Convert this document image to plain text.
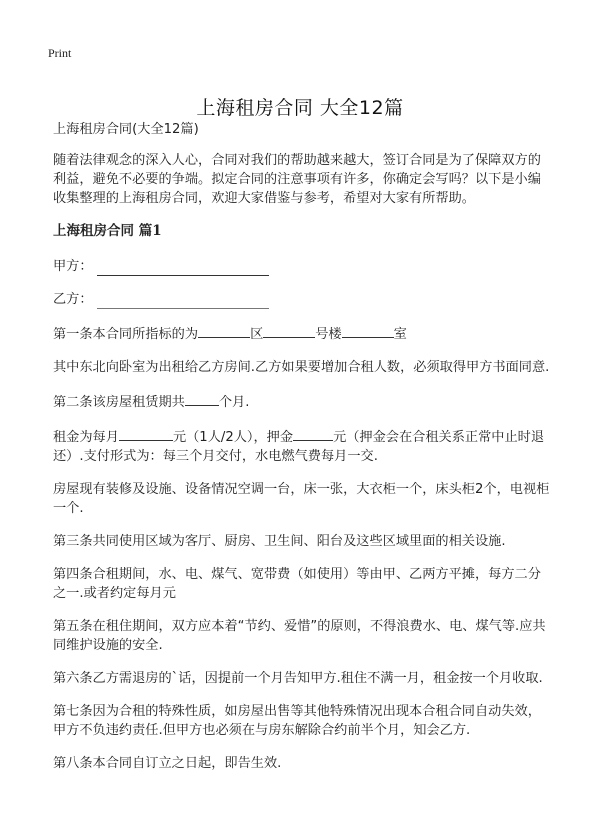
Print
上海租房合同 大全12篇
上海租房合同(大全12篇)
随着法律观念的深入人心，合同对我们的帮助越来越大，签订合同是为了保障双方的利益，避免不必要的争端。拟定合同的注意事项有许多，你确定会写吗？以下是小编收集整理的上海租房合同，欢迎大家借鉴与参考，希望对大家有所帮助。
上海租房合同 篇1
甲方：
乙方：
第一条本合同所指标的为	区	号楼	室
其中东北向卧室为出租给乙方房间.乙方如果要增加合租人数，必须取得甲方书面同意.
第二条该房屋租赁期共	个月.
租金为每月	元（1人/2人），押金	元（押金会在合租关系正常中止时退还）.支付形式为：每三个月交付，水电燃气费每月一交.
房屋现有装修及设施、设备情况空调一台，床一张，大衣柜一个，床头柜2个，电视柜一个.
第三条共同使用区域为客厅、厨房、卫生间、阳台及这些区域里面的相关设施.
第四条合租期间，水、电、煤气、宽带费（如使用）等由甲、乙两方平摊，每方二分之一.或者约定每月元
第五条在租住期间，双方应本着“节约、爱惜”的原则，不得浪费水、电、煤气等.应共同维护设施的安全.
第六条乙方需退房的`话，因提前一个月告知甲方.租住不满一月，租金按一个月收取.
第七条因为合租的特殊性质，如房屋出售等其他特殊情况出现本合租合同自动失效，甲方不负违约责任.但甲方也必须在与房东解除合约前半个月，知会乙方.
第八条本合同自订立之日起，即告生效.
